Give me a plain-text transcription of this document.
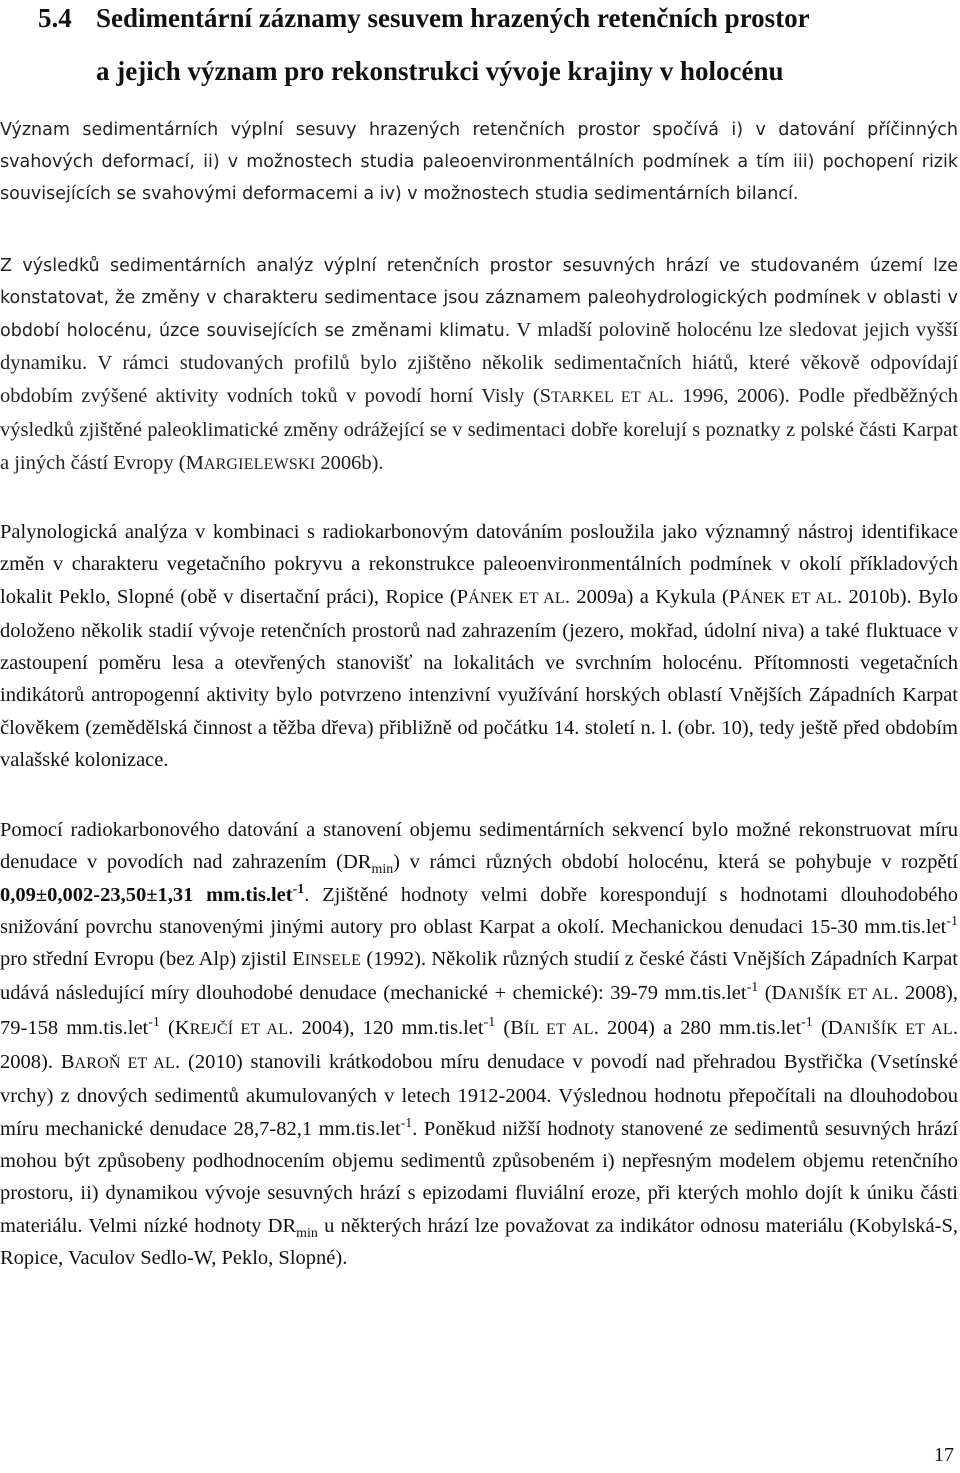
5.4 Sedimentární záznamy sesuvem hrazených retenčních prostor
a jejich význam pro rekonstrukci vývoje krajiny v holocénu
Význam sedimentárních výplní sesuvy hrazených retenčních prostor spočívá i) v datování příčinných svahových deformací, ii) v možnostech studia paleoenvironmentálních podmínek a tím iii) pochopení rizik souvisejících se svahovými deformacemi a iv) v možnostech studia sedimentárních bilancí.
Z výsledků sedimentárních analýz výplní retenčních prostor sesuvných hrází ve studovaném území lze konstatovat, že změny v charakteru sedimentace jsou záznamem paleohydrologických podmínek v oblasti v období holocénu, úzce souvisejících se změnami klimatu. V mladší polovině holocénu lze sledovat jejich vyšší dynamiku. V rámci studovaných profilů bylo zjištěno několik sedimentačních hiátů, které věkově odpovídají obdobím zvýšené aktivity vodních toků v povodí horní Visly (STARKEL ET AL. 1996, 2006). Podle předběžných výsledků zjištěné paleoklimatické změny odrážející se v sedimentaci dobře korelují s poznatky z polské části Karpat a jiných částí Evropy (MARGIELEWSKI 2006b).
Palynologická analýza v kombinaci s radiokarbonovým datováním posloužila jako významný nástroj identifikace změn v charakteru vegetačního pokryvu a rekonstrukce paleoenvironmentálních podmínek v okolí příkladových lokalit Peklo, Slopné (obě v disertační práci), Ropice (PÁNEK ET AL. 2009a) a Kykula (PÁNEK ET AL. 2010b). Bylo doloženo několik stadií vývoje retenčních prostorů nad zahrazením (jezero, mokřad, údolní niva) a také fluktuace v zastoupení poměru lesa a otevřených stanovišť na lokalitách ve svrchním holocénu. Přítomnosti vegetačních indikátorů antropogenní aktivity bylo potvrzeno intenzivní využívání horských oblastí Vnějších Západních Karpat člověkem (zemědělská činnost a těžba dřeva) přibližně od počátku 14. století n. l. (obr. 10), tedy ještě před obdobím valašské kolonizace.
Pomocí radiokarbonového datování a stanovení objemu sedimentárních sekvencí bylo možné rekonstruovat míru denudace v povodích nad zahrazením $(DR_{min})$ v rámci různých období holocénu, která se pohybuje v rozpětí 0,09±0,002-23,50±1,31 mm.tis.let$^{-1}$. Zjištěné hodnoty velmi dobře korespondují s hodnotami dlouhodobého snižování povrchu stanovenými jinými autory pro oblast Karpat a okolí. Mechanickou denudaci 15-30 mm.tis.let$^{-1}$ pro střední Evropu (bez Alp) zjistil EINSELE (1992). Několik různých studií z české části Vnějších Západních Karpat udává následující míry dlouhodobé denudace (mechanické + chemické): 39-79 mm.tis.let$^{-1}$ (DANIŠÍK ET AL. 2008), 79-158 mm.tis.let$^{-1}$ (KREJČÍ ET AL. 2004), 120 mm.tis.let$^{-1}$ (BÍL ET AL. 2004) a 280 mm.tis.let$^{-1}$ (DANIŠÍK ET AL. 2008). BAROŇ ET AL. (2010) stanovili krátkodobou míru denudace v povodí nad přehradou Bystřička (Vsetínské vrchy) z dnových sedimentů akumulovaných v letech 1912-2004. Výslednou hodnotu přepočítali na dlouhodobou míru mechanické denudace 28,7-82,1 mm.tis.let$^{-1}$. Poněkud nižší hodnoty stanovené ze sedimentů sesuvných hrází mohou být způsobeny podhodnocením objemu sedimentů způsobeném i) nepřesným modelem objemu retenčního prostoru, ii) dynamikou vývoje sesuvných hrází s epizodami fluviální eroze, při kterých mohlo dojít k úniku části materiálu. Velmi nízké hodnoty $DR_{min}$ u některých hrází lze považovat za indikátor odnosu materiálu (Kobylská-S, Ropice, Vaculov Sedlo-W, Peklo, Slopné).
17
